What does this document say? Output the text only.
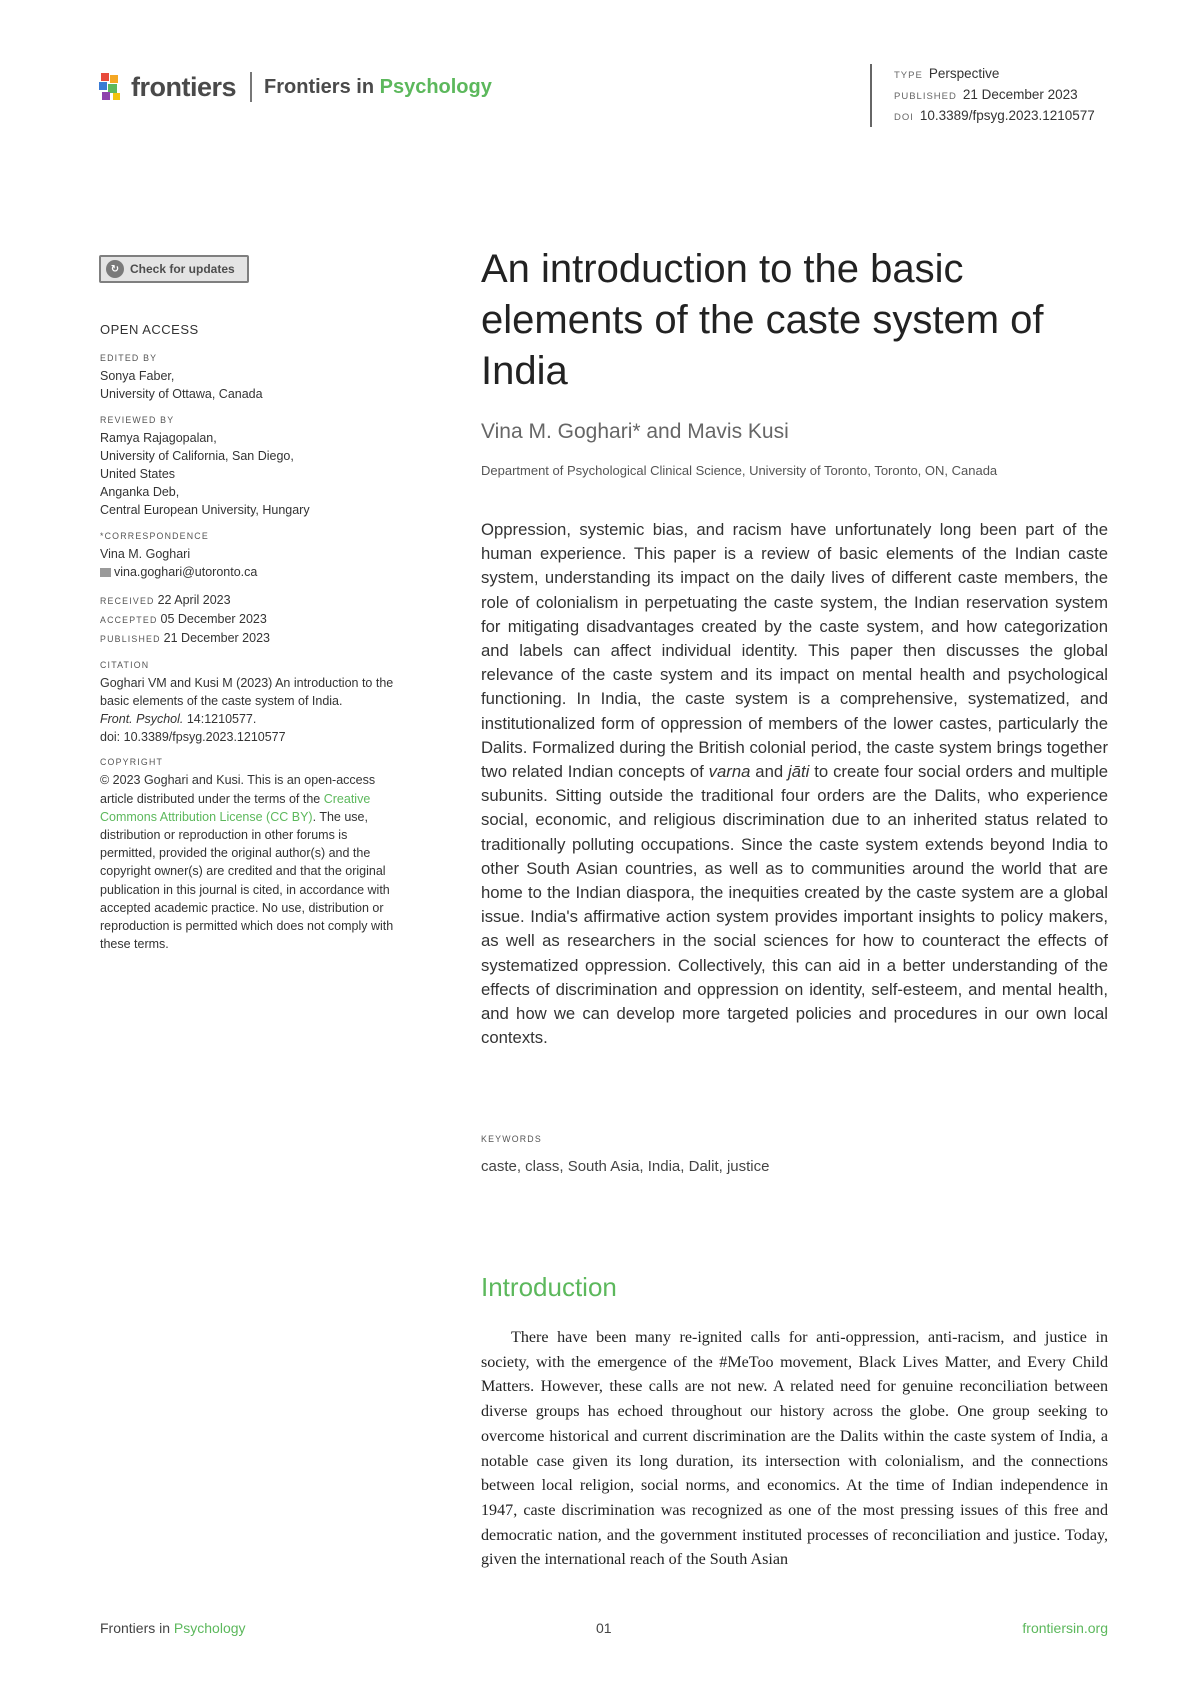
frontiers Frontiers in Psychology	TYPE Perspective
PUBLISHED 21 December 2023
DOI 10.3389/fpsyg.2023.1210577
↻ Check for updates
OPEN ACCESS
EDITED BY
Sonya Faber,
University of Ottawa, Canada
REVIEWED BY
Ramya Rajagopalan,
University of California, San Diego,
United States
Anganka Deb,
Central European University, Hungary
*CORRESPONDENCE
Vina M. Goghari
vina.goghari@utoronto.ca
RECEIVED 22 April 2023
ACCEPTED 05 December 2023
PUBLISHED 21 December 2023
CITATION
Goghari VM and Kusi M (2023) An introduction to the basic elements of the caste system of India.
Front. Psychol. 14:1210577.
doi: 10.3389/fpsyg.2023.1210577
COPYRIGHT
© 2023 Goghari and Kusi. This is an open-access article distributed under the terms of the Creative Commons Attribution License (CC BY). The use, distribution or reproduction in other forums is permitted, provided the original author(s) and the copyright owner(s) are credited and that the original publication in this journal is cited, in accordance with accepted academic practice. No use, distribution or reproduction is permitted which does not comply with these terms.
An introduction to the basic elements of the caste system of India
Vina M. Goghari* and Mavis Kusi
Department of Psychological Clinical Science, University of Toronto, Toronto, ON, Canada

Oppression, systemic bias, and racism have unfortunately long been part of the human experience. This paper is a review of basic elements of the Indian caste system, understanding its impact on the daily lives of different caste members, the role of colonialism in perpetuating the caste system, the Indian reservation system for mitigating disadvantages created by the caste system, and how categorization and labels can affect individual identity. This paper then discusses the global relevance of the caste system and its impact on mental health and psychological functioning. In India, the caste system is a comprehensive, systematized, and institutionalized form of oppression of members of the lower castes, particularly the Dalits. Formalized during the British colonial period, the caste system brings together two related Indian concepts of varna and jāti to create four social orders and multiple subunits. Sitting outside the traditional four orders are the Dalits, who experience social, economic, and religious discrimination due to an inherited status related to traditionally polluting occupations. Since the caste system extends beyond India to other South Asian countries, as well as to communities around the world that are home to the Indian diaspora, the inequities created by the caste system are a global issue. India's affirmative action system provides important insights to policy makers, as well as researchers in the social sciences for how to counteract the effects of systematized oppression. Collectively, this can aid in a better understanding of the effects of discrimination and oppression on identity, self-esteem, and mental health, and how we can develop more targeted policies and procedures in our own local contexts.

KEYWORDS
caste, class, South Asia, India, Dalit, justice
Introduction

There have been many re-ignited calls for anti-oppression, anti-racism, and justice in society, with the emergence of the #MeToo movement, Black Lives Matter, and Every Child Matters. However, these calls are not new. A related need for genuine reconciliation between diverse groups has echoed throughout our history across the globe. One group seeking to overcome historical and current discrimination are the Dalits within the caste system of India, a notable case given its long duration, its intersection with colonialism, and the connections between local religion, social norms, and economics. At the time of Indian independence in 1947, caste discrimination was recognized as one of the most pressing issues of this free and democratic nation, and the government instituted processes of reconciliation and justice. Today, given the international reach of the South Asian

Frontiers in Psychology	01	frontiersin.org
